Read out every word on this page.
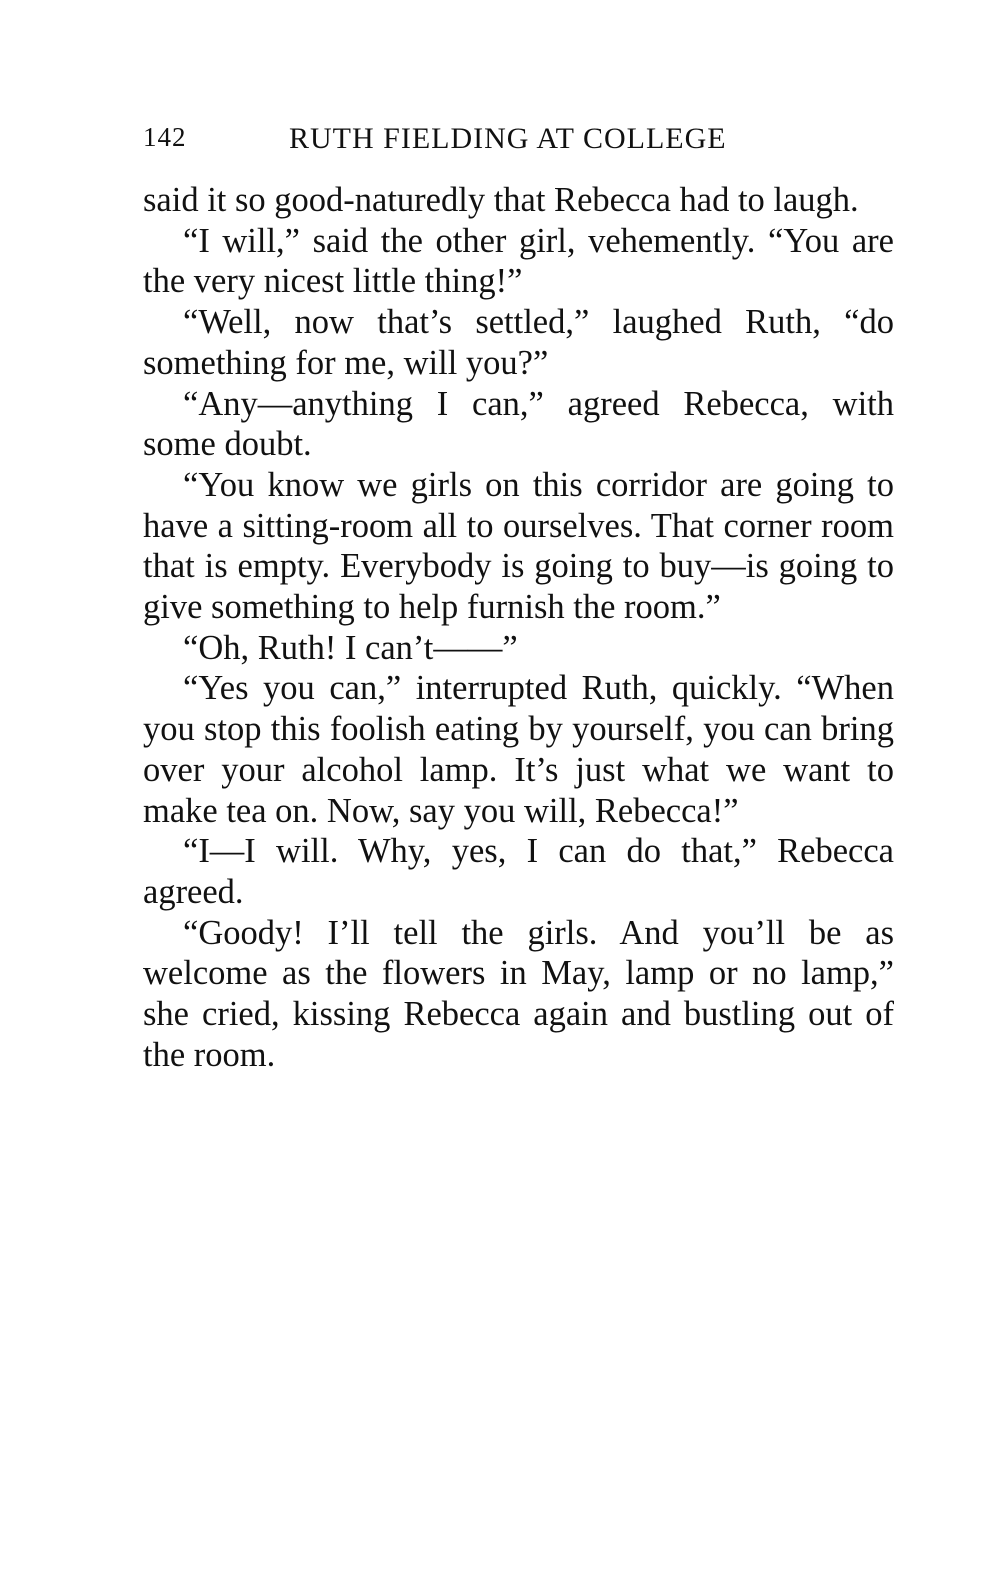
142	RUTH FIELDING AT COLLEGE

said it so good-naturedly that Rebecca had to laugh.

“I will,” said the other girl, vehemently. “You are the very nicest little thing!”

“Well, now that’s settled,” laughed Ruth, “do something for me, will you?”

“Any—anything I can,” agreed Rebecca, with some doubt.

“You know we girls on this corridor are going to have a sitting-room all to ourselves. That corner room that is empty. Everybody is going to buy—is going to give something to help furnish the room.”

“Oh, Ruth! I can’t——”

“Yes you can,” interrupted Ruth, quickly. “When you stop this foolish eating by yourself, you can bring over your alcohol lamp. It’s just what we want to make tea on. Now, say you will, Rebecca!”

“I—I will. Why, yes, I can do that,” Rebecca agreed.

“Goody! I’ll tell the girls. And you’ll be as welcome as the flowers in May, lamp or no lamp,” she cried, kissing Rebecca again and bustling out of the room.
